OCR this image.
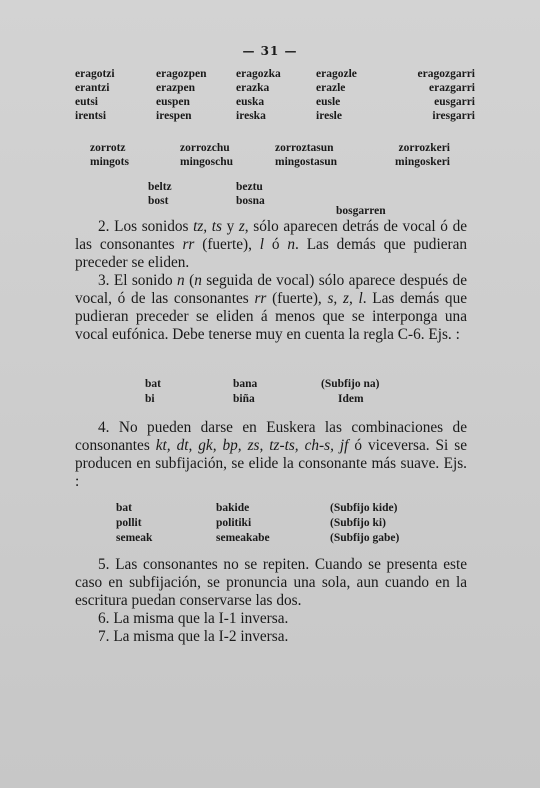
— 31 —
eragotzi	eragozpen	eragozka	eragozle	eragozgarri
erantzi	erazpen	erazka	erazle	erazgarri
eutsi	euspen	euska	eusle	eusgarri
irentsi	irespen	ireska	iresle	iresgarri
zorrotz	zorrozchu	zorroztasun	zorrozkeri
mingots	mingoschu	mingostasun	mingoskeri
beltz	beztu
bost	bosna
bosgarren

2. Los sonidos tz, ts y z, sólo aparecen detrás de vocal ó de las consonantes rr (fuerte), l ó n. Las demás que pudieran preceder se eliden.

3. El sonido n (n seguida de vocal) sólo aparece después de vocal, ó de las consonantes rr (fuerte), s, z, l. Las demás que pudieran preceder se eliden á menos que se interponga una vocal eufónica. Debe tenerse muy en cuenta la regla C-6. Ejs. :

bat	bana	(Subfijo na)
bi	biña	Idem

4. No pueden darse en Euskera las combinaciones de consonantes kt, dt, gk, bp, zs, tz-ts, ch-s, jf ó viceversa. Si se producen en subfijación, se elide la consonante más suave. Ejs. :

bat	bakide	(Subfijo kide)
pollit	politiki	(Subfijo ki)
semeak	semeakabe	(Subfijo gabe)

5. Las consonantes no se repiten. Cuando se presenta este caso en subfijación, se pronuncia una sola, aun cuando en la escritura puedan conservarse las dos.

6. La misma que la I-1 inversa.

7. La misma que la I-2 inversa.
